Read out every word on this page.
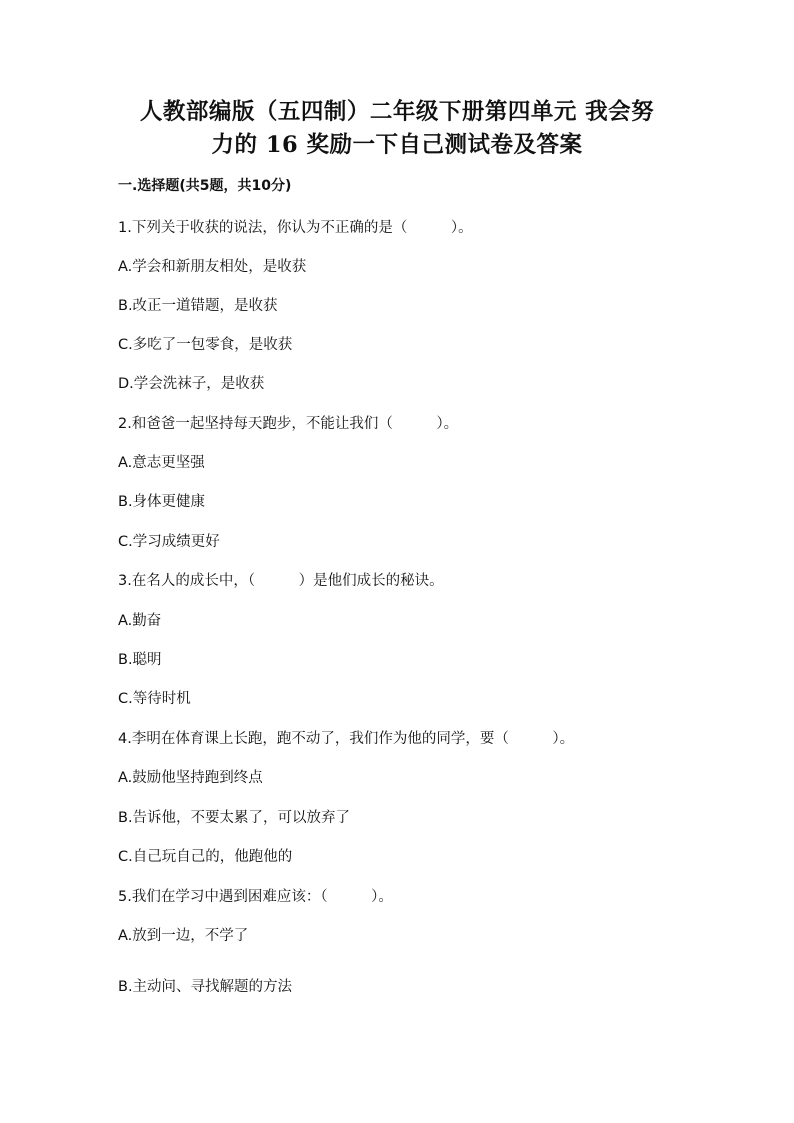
人教部编版（五四制）二年级下册第四单元 我会努
力的 16 奖励一下自己测试卷及答案
一.选择题(共5题，共10分)
1.下列关于收获的说法，你认为不正确的是（　　　）。
A.学会和新朋友相处，是收获
B.改正一道错题，是收获
C.多吃了一包零食，是收获
D.学会洗袜子，是收获
2.和爸爸一起坚持每天跑步，不能让我们（　　　）。
A.意志更坚强
B.身体更健康
C.学习成绩更好
3.在名人的成长中，（　　　）是他们成长的秘诀。
A.勤奋
B.聪明
C.等待时机
4.李明在体育课上长跑，跑不动了，我们作为他的同学，要（　　　）。
A.鼓励他坚持跑到终点
B.告诉他，不要太累了，可以放弃了
C.自己玩自己的，他跑他的
5.我们在学习中遇到困难应该：（　　　）。
A.放到一边，不学了
B.主动问、寻找解题的方法
